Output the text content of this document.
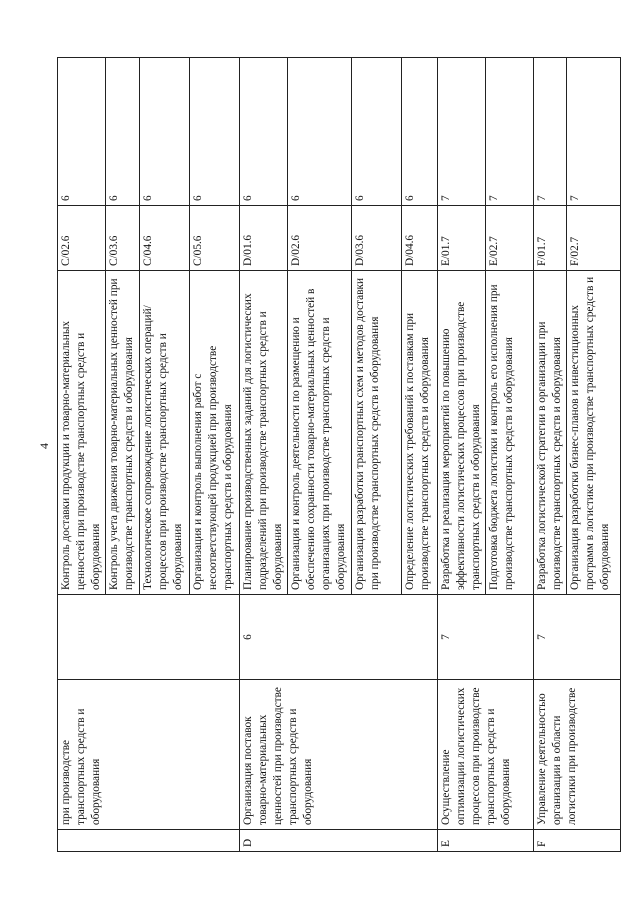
4
	при производстве транспортных средств и оборудования		Контроль доставки продукции и товарно-материальных ценностей при производстве транспортных средств и оборудования	C/02.6	6
			Контроль учета движения товарно-материальных ценностей при производстве транспортных средств и оборудования	C/03.6	6
			Технологическое сопровождение логистических операций/процессов при производстве транспортных средств и оборудования	C/04.6	6
			Организация и контроль выполнения работ с несоответствующей продукцией при производстве транспортных средств и оборудования	C/05.6	6
D	Организация поставок товарно-материальных ценностей при производстве транспортных средств и оборудования	6	Планирование производственных заданий для логистических подразделений при производстве транспортных средств и оборудования	D/01.6	6
			Организация и контроль деятельности по размещению и обеспечению сохранности товарно-материальных ценностей в организациях при производстве транспортных средств и оборудования	D/02.6	6
			Организация разработки транспортных схем и методов доставки при производстве транспортных средств и оборудования	D/03.6	6
			Определение логистических требований к поставкам при производстве транспортных средств и оборудования	D/04.6	6
E	Осуществление оптимизации логистических процессов при производстве транспортных средств и оборудования	7	Разработка и реализация мероприятий по повышению эффективности логистических процессов при производстве транспортных средств и оборудования	E/01.7	7
			Подготовка бюджета логистики и контроль его исполнения при производстве транспортных средств и оборудования	E/02.7	7
F	Управление деятельностью организации в области логистики при производстве	7	Разработка логистической стратегии в организации при производстве транспортных средств и оборудования	F/01.7	7
			Организация разработки бизнес-планов и инвестиционных программ в логистике при производстве транспортных средств и оборудования	F/02.7	7
